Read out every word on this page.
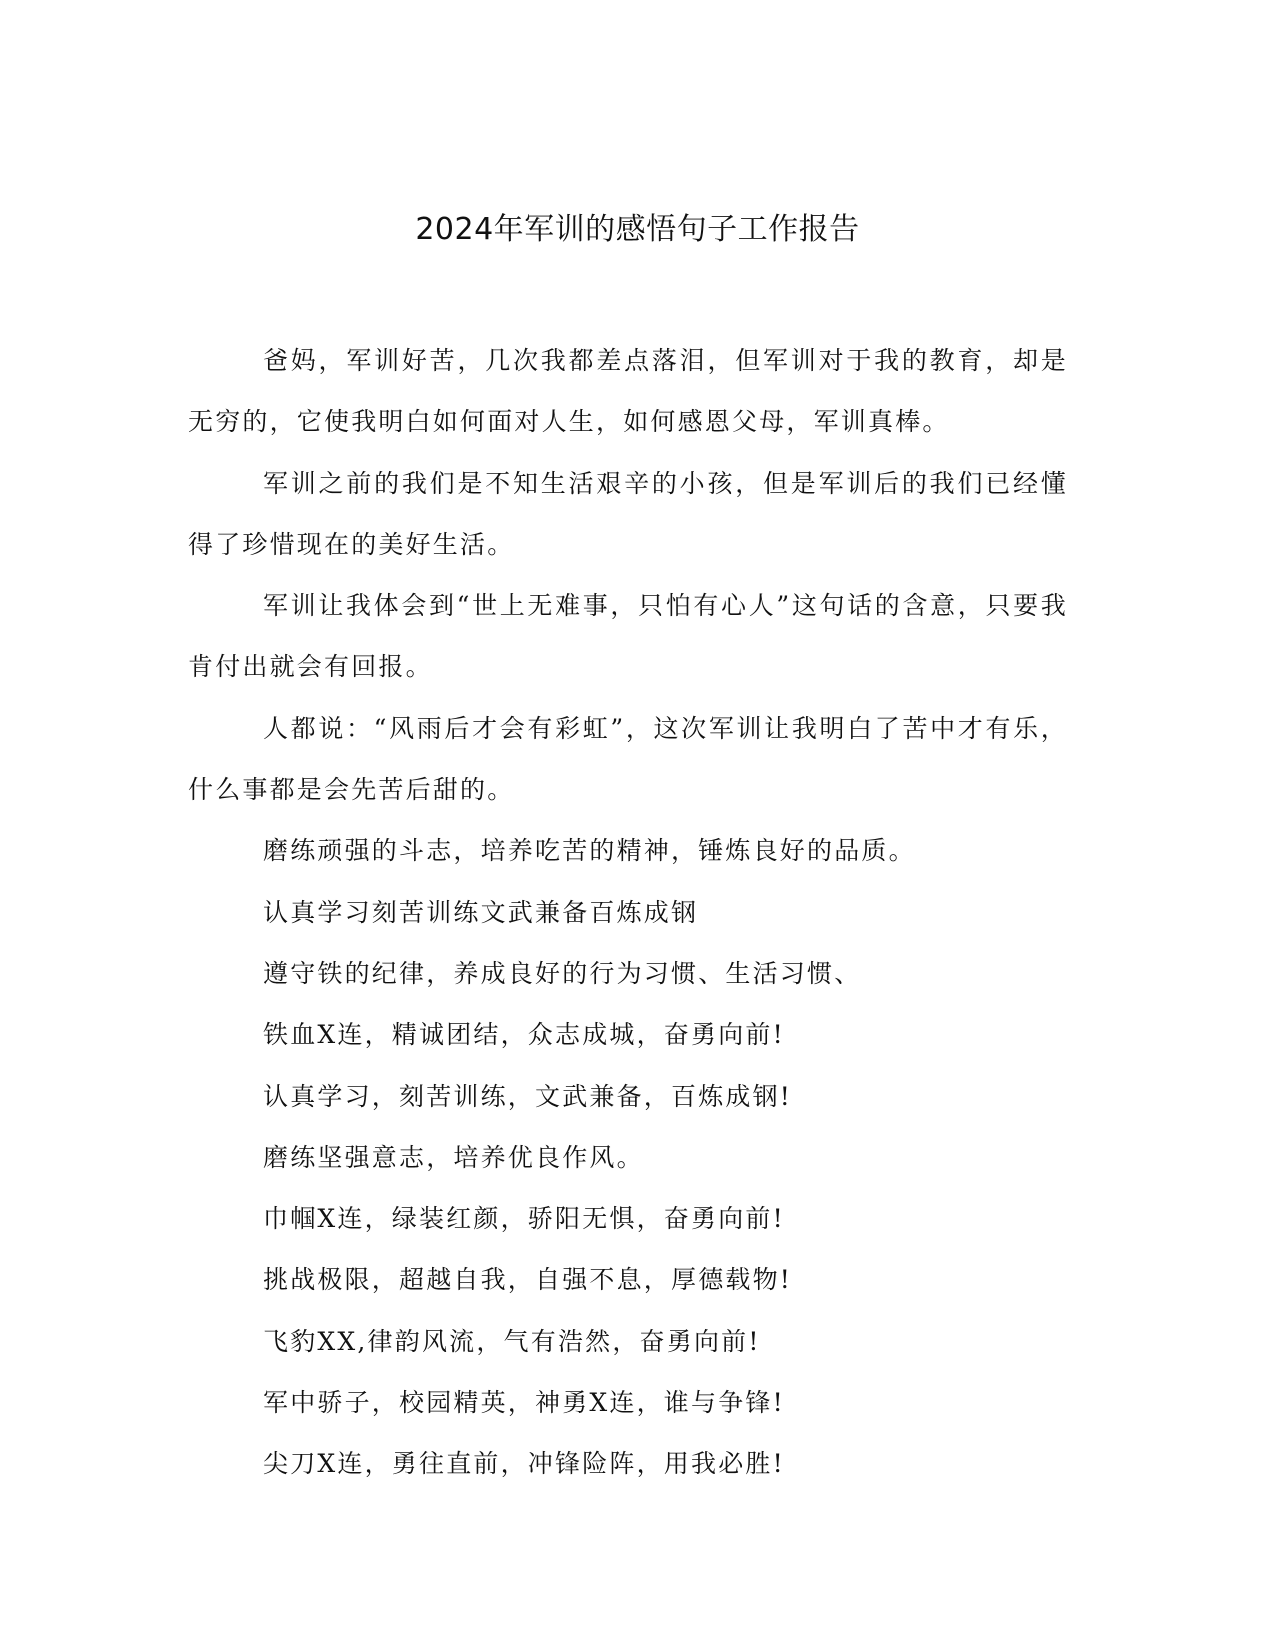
2024年军训的感悟句子工作报告

爸妈，军训好苦，几次我都差点落泪，但军训对于我的教育，却是无穷的，它使我明白如何面对人生，如何感恩父母，军训真棒。

军训之前的我们是不知生活艰辛的小孩，但是军训后的我们已经懂得了珍惜现在的美好生活。

军训让我体会到“世上无难事，只怕有心人”这句话的含意，只要我肯付出就会有回报。

人都说：“风雨后才会有彩虹”，这次军训让我明白了苦中才有乐，什么事都是会先苦后甜的。

磨练顽强的斗志，培养吃苦的精神，锤炼良好的品质。

认真学习刻苦训练文武兼备百炼成钢

遵守铁的纪律，养成良好的行为习惯、生活习惯、

铁血X连，精诚团结，众志成城，奋勇向前!

认真学习，刻苦训练，文武兼备，百炼成钢!

磨练坚强意志，培养优良作风。

巾帼X连，绿装红颜，骄阳无惧，奋勇向前!

挑战极限，超越自我，自强不息，厚德载物!

飞豹XX,律韵风流，气有浩然，奋勇向前!

军中骄子，校园精英，神勇X连，谁与争锋!

尖刀X连，勇往直前，冲锋险阵，用我必胜!
